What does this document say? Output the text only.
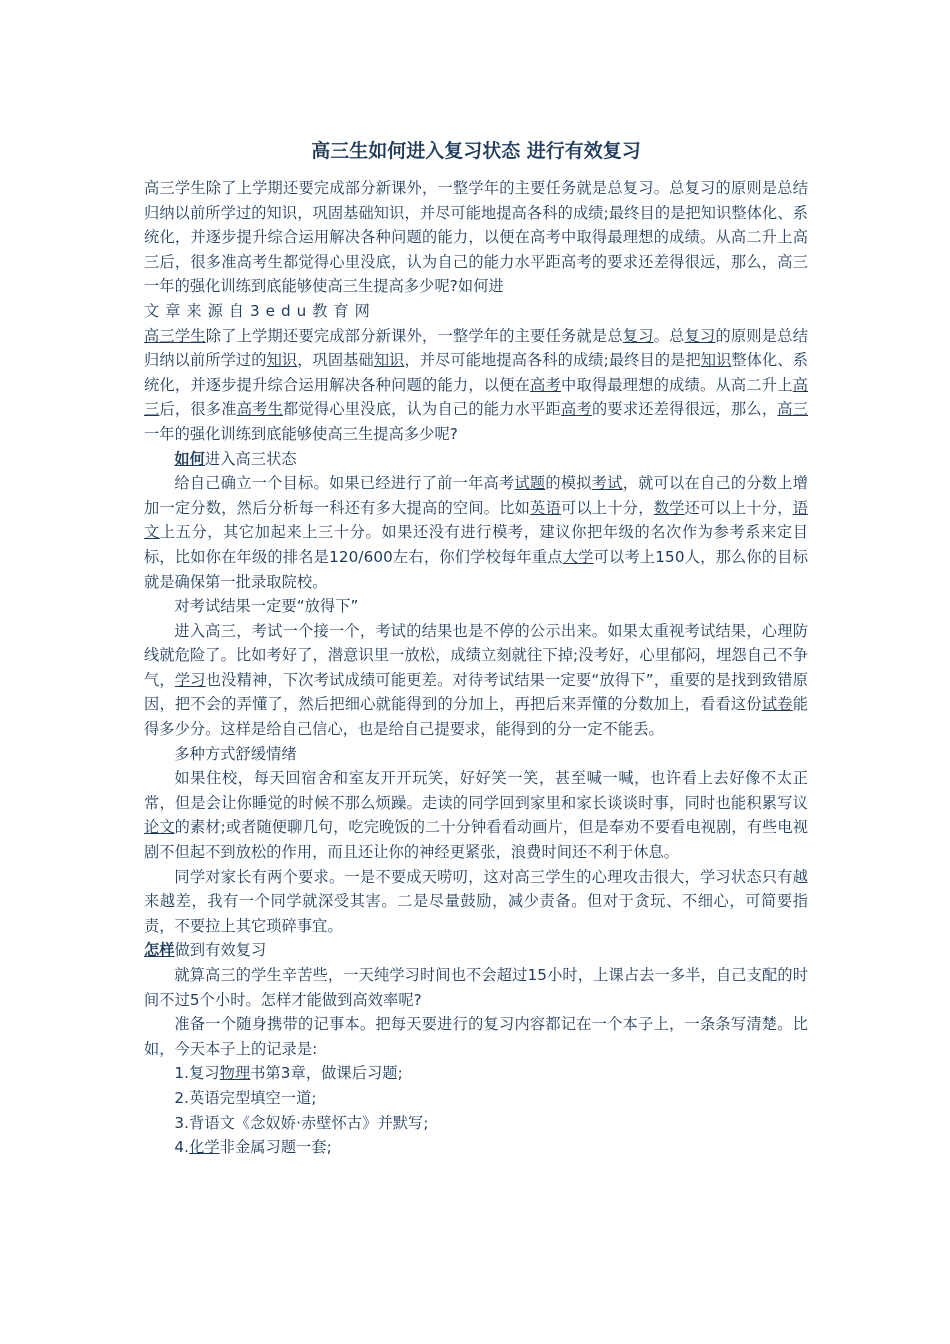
高三生如何进入复习状态 进行有效复习

高三学生除了上学期还要完成部分新课外，一整学年的主要任务就是总复习。总复习的原则是总结归纳以前所学过的知识，巩固基础知识，并尽可能地提高各科的成绩;最终目的是把知识整体化、系统化，并逐步提升综合运用解决各种问题的能力，以便在高考中取得最理想的成绩。从高二升上高三后，很多准高考生都觉得心里没底，认为自己的能力水平距高考的要求还差得很远，那么，高三一年的强化训练到底能够使高三生提高多少呢?如何进

文章来源自3edu教育网

高三学生除了上学期还要完成部分新课外，一整学年的主要任务就是总复习。总复习的原则是总结归纳以前所学过的知识，巩固基础知识，并尽可能地提高各科的成绩;最终目的是把知识整体化、系统化，并逐步提升综合运用解决各种问题的能力，以便在高考中取得最理想的成绩。从高二升上高三后，很多准高考生都觉得心里没底，认为自己的能力水平距高考的要求还差得很远，那么，高三一年的强化训练到底能够使高三生提高多少呢?

如何进入高三状态

给自己确立一个目标。如果已经进行了前一年高考试题的模拟考试，就可以在自己的分数上增加一定分数，然后分析每一科还有多大提高的空间。比如英语可以上十分，数学还可以上十分，语文上五分，其它加起来上三十分。如果还没有进行模考，建议你把年级的名次作为参考系来定目标，比如你在年级的排名是120/600左右，你们学校每年重点大学可以考上150人，那么你的目标就是确保第一批录取院校。

对考试结果一定要“放得下”

进入高三，考试一个接一个，考试的结果也是不停的公示出来。如果太重视考试结果，心理防线就危险了。比如考好了，潜意识里一放松，成绩立刻就往下掉;没考好，心里郁闷，埋怨自己不争气，学习也没精神，下次考试成绩可能更差。对待考试结果一定要“放得下”，重要的是找到致错原因，把不会的弄懂了，然后把细心就能得到的分加上，再把后来弄懂的分数加上，看看这份试卷能得多少分。这样是给自己信心，也是给自己提要求，能得到的分一定不能丢。

多种方式舒缓情绪

如果住校，每天回宿舍和室友开开玩笑，好好笑一笑，甚至喊一喊，也许看上去好像不太正常，但是会让你睡觉的时候不那么烦躁。走读的同学回到家里和家长谈谈时事，同时也能积累写议论文的素材;或者随便聊几句，吃完晚饭的二十分钟看看动画片，但是奉劝不要看电视剧，有些电视剧不但起不到放松的作用，而且还让你的神经更紧张，浪费时间还不利于休息。

同学对家长有两个要求。一是不要成天唠叨，这对高三学生的心理攻击很大，学习状态只有越来越差，我有一个同学就深受其害。二是尽量鼓励，减少责备。但对于贪玩、不细心，可简要指责，不要拉上其它琐碎事宜。

怎样做到有效复习

就算高三的学生辛苦些，一天纯学习时间也不会超过15小时，上课占去一多半，自己支配的时间不过5个小时。怎样才能做到高效率呢?

准备一个随身携带的记事本。把每天要进行的复习内容都记在一个本子上，一条条写清楚。比如，今天本子上的记录是:

1.复习物理书第3章，做课后习题;

2.英语完型填空一道;

3.背语文《念奴娇·赤壁怀古》并默写;

4.化学非金属习题一套;
